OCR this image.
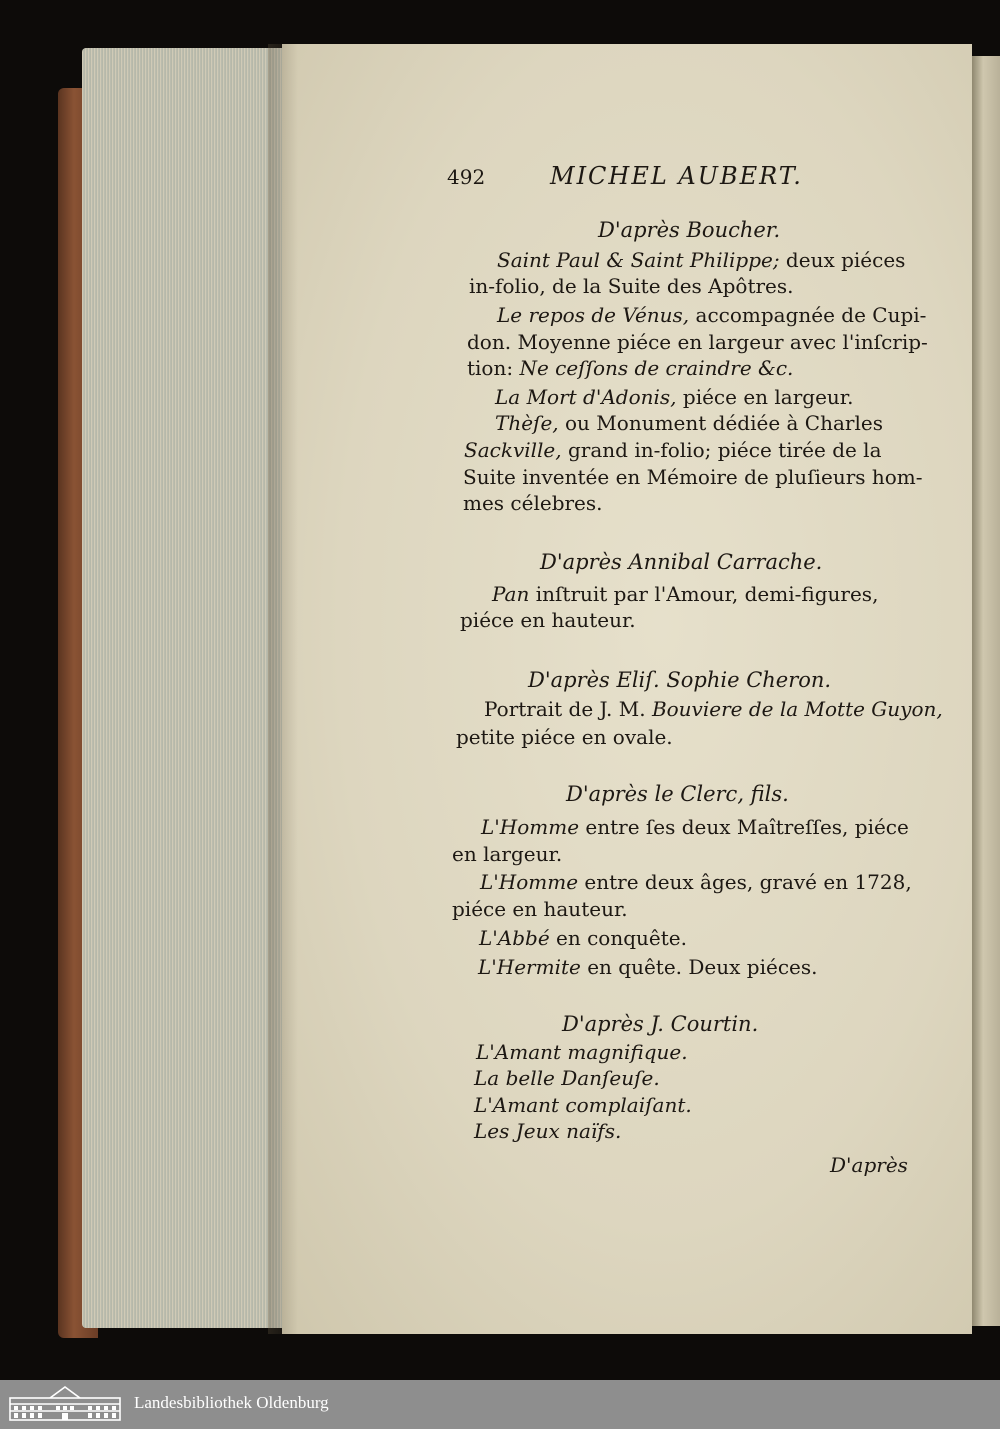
492	MICHEL AUBERT.
D'après Boucher.
Saint Paul & Saint Philippe; deux piéces
in-folio, de la Suite des Apôtres.
Le repos de Vénus, accompagnée de Cupi-
don. Moyenne piéce en largeur avec l'inſcrip-
tion: Ne ceſſons de craindre &c.
La Mort d'Adonis, piéce en largeur.
Thèſe, ou Monument dédiée à Charles
Sackville, grand in-folio; piéce tirée de la
Suite inventée en Mémoire de pluſieurs hom-
mes célebres.
D'après Annibal Carrache.
Pan inſtruit par l'Amour, demi-figures,
piéce en hauteur.
D'après Eliſ. Sophie Cheron.
Portrait de J. M. Bouviere de la Motte Guyon,
petite piéce en ovale.
D'après le Clerc, fils.
L'Homme entre ſes deux Maîtreſſes, piéce
en largeur.
L'Homme entre deux âges, gravé en 1728,
piéce en hauteur.
L'Abbé en conquête.
L'Hermite en quête. Deux piéces.
D'après J. Courtin.
L'Amant magnifique.
La belle Danſeuſe.
L'Amant complaiſant.
Les Jeux naïfs.
D'après
Landesbibliothek Oldenburg
